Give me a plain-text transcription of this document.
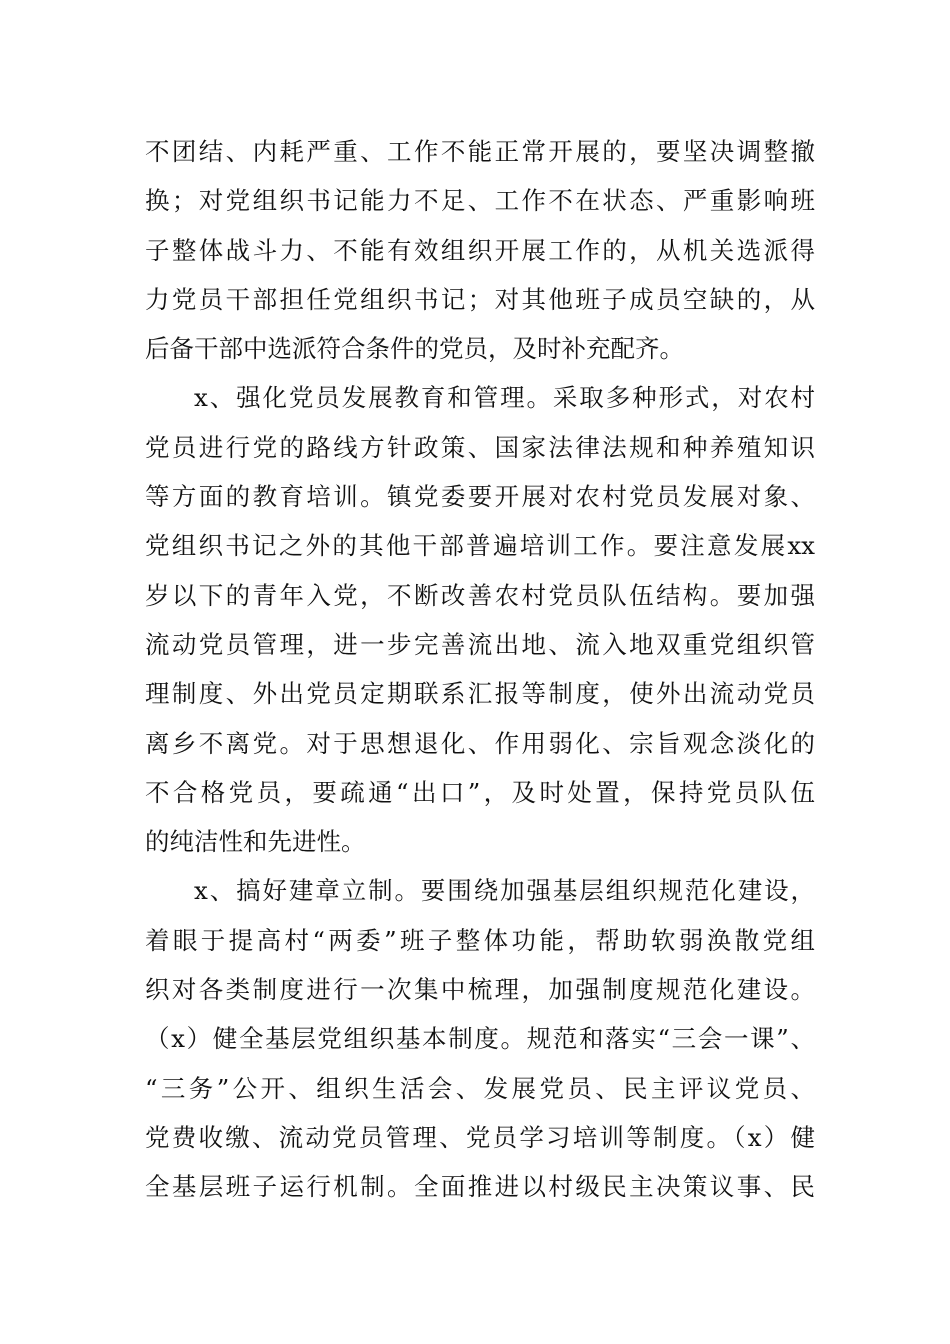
不团结、内耗严重、工作不能正常开展的，要坚决调整撤
换；对党组织书记能力不足、工作不在状态、严重影响班
子整体战斗力、不能有效组织开展工作的，从机关选派得
力党员干部担任党组织书记；对其他班子成员空缺的，从
后备干部中选派符合条件的党员，及时补充配齐。
x、强化党员发展教育和管理。采取多种形式，对农村
党员进行党的路线方针政策、国家法律法规和种养殖知识
等方面的教育培训。镇党委要开展对农村党员发展对象、
党组织书记之外的其他干部普遍培训工作。要注意发展xx
岁以下的青年入党，不断改善农村党员队伍结构。要加强
流动党员管理，进一步完善流出地、流入地双重党组织管
理制度、外出党员定期联系汇报等制度，使外出流动党员
离乡不离党。对于思想退化、作用弱化、宗旨观念淡化的
不合格党员，要疏通“出口”，及时处置，保持党员队伍
的纯洁性和先进性。
x、搞好建章立制。要围绕加强基层组织规范化建设，
着眼于提高村“两委”班子整体功能，帮助软弱涣散党组
织对各类制度进行一次集中梳理，加强制度规范化建设。
（x）健全基层党组织基本制度。规范和落实“三会一课”、
“三务”公开、组织生活会、发展党员、民主评议党员、
党费收缴、流动党员管理、党员学习培训等制度。（x）健
全基层班子运行机制。全面推进以村级民主决策议事、民
